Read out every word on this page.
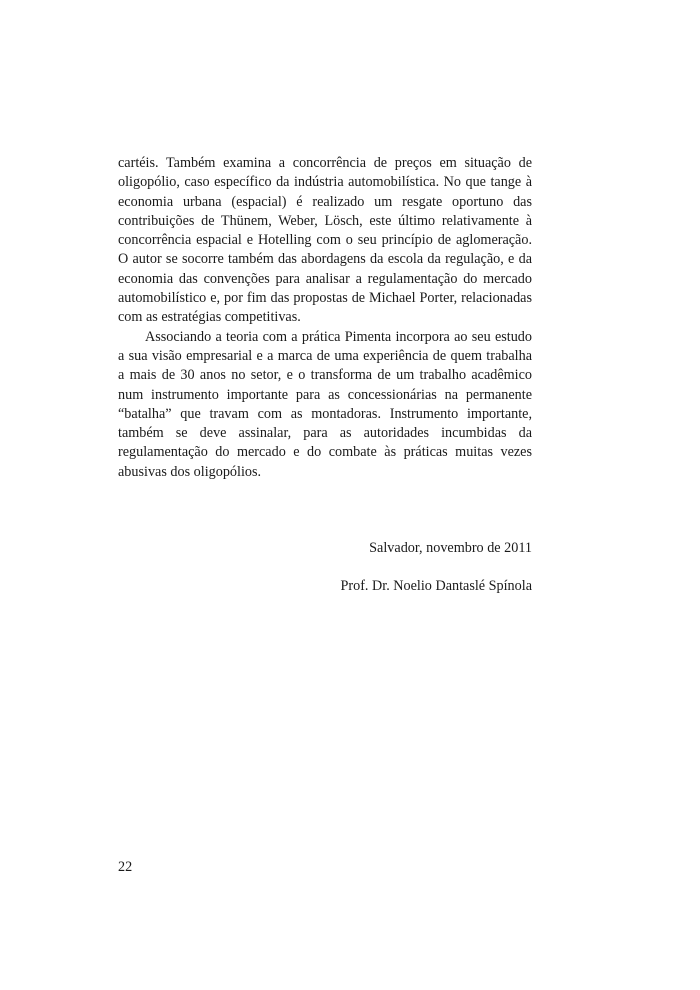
cartéis. Também examina a concorrência de preços em situação de oligopólio, caso específico da indústria automobilística. No que tange à economia urbana (espacial) é realizado um resgate oportuno das contribuições de Thünem, Weber, Lösch, este último relativamente à concorrência espacial e Hotelling com o seu princípio de aglomeração. O autor se socorre também das abordagens da escola da regulação, e da economia das convenções para analisar a regulamentação do mercado automobilístico e, por fim das propostas de Michael Porter, relacionadas com as estratégias competitivas.

Associando a teoria com a prática Pimenta incorpora ao seu estudo a sua visão empresarial e a marca de uma experiência de quem trabalha a mais de 30 anos no setor, e o transforma de um trabalho acadêmico num instrumento importante para as concessionárias na permanente “batalha” que travam com as montadoras. Instrumento importante, também se deve assinalar, para as autoridades incumbidas da regulamentação do mercado e do combate às práticas muitas vezes abusivas dos oligopólios.

Salvador, novembro de 2011
Prof. Dr. Noelio Dantaslé Spínola
22
